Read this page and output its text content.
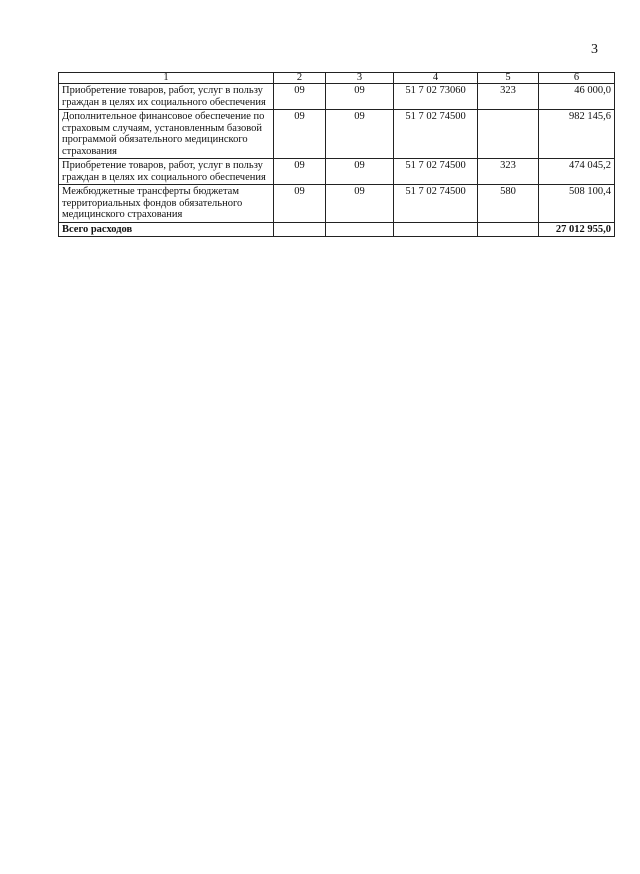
3
1	2	3	4	5	6
Приобретение товаров, работ, услуг в пользу граждан в целях их социального обеспечения	09	09	51 7 02 73060	323	46 000,0
Дополнительное финансовое обеспечение по страховым случаям, установленным базовой программой обязательного медицинского страхования	09	09	51 7 02 74500		982 145,6
Приобретение товаров, работ, услуг в пользу граждан в целях их социального обеспечения	09	09	51 7 02 74500	323	474 045,2
Межбюджетные трансферты бюджетам территориальных фондов обязательного медицинского страхования	09	09	51 7 02 74500	580	508 100,4
Всего расходов					27 012 955,0
